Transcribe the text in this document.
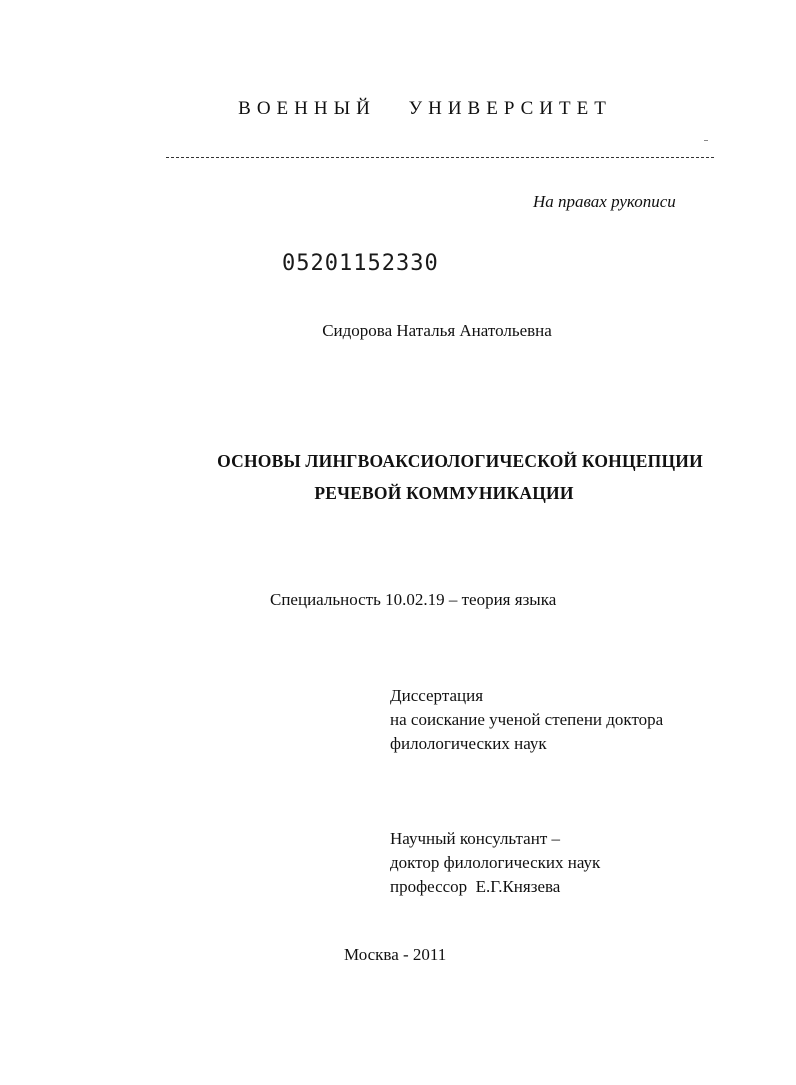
ВОЕННЫЙ УНИВЕРСИТЕТ
На правах рукописи
05201152330
Сидорова Наталья Анатольевна
ОСНОВЫ ЛИНГВОАКСИОЛОГИЧЕСКОЙ КОНЦЕПЦИИ
РЕЧЕВОЙ КОММУНИКАЦИИ
Специальность 10.02.19 – теория языка
Диссертация
на соискание ученой степени доктора
филологических наук
Научный консультант –
доктор филологических наук
профессор  Е.Г.Князева
Москва - 2011
